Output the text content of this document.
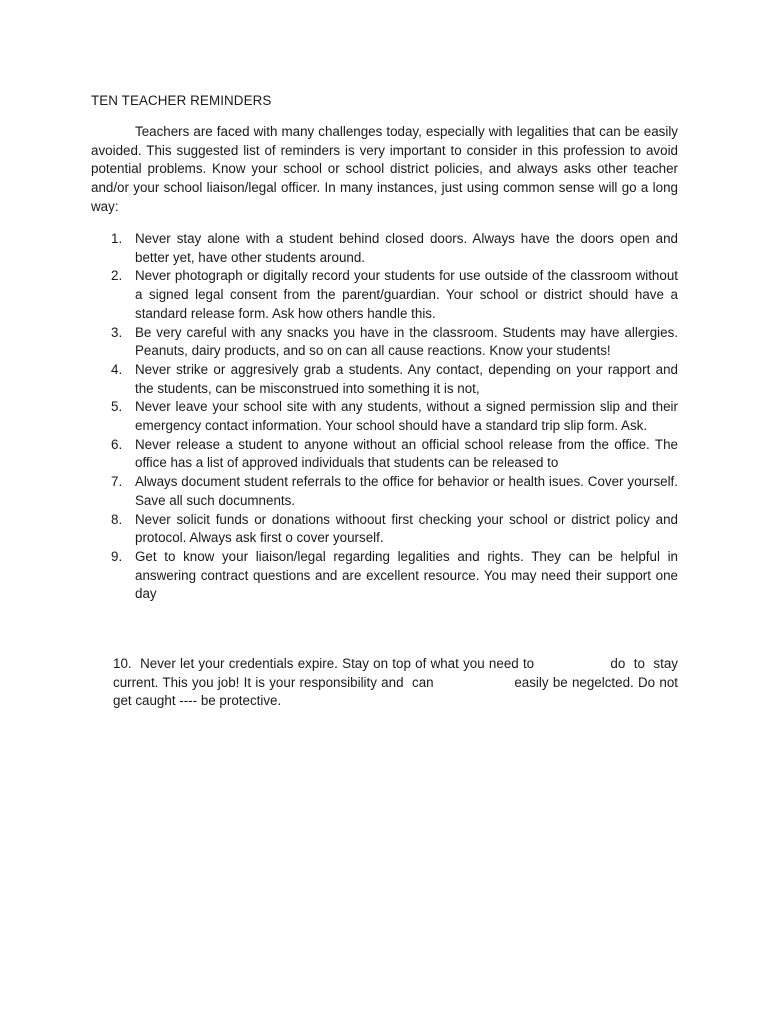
TEN TEACHER REMINDERS

Teachers are faced with many challenges today, especially with legalities that can be easily avoided. This suggested list of reminders is very important to consider in this profession to avoid potential problems. Know your school or school district policies, and always asks other teacher and/or your school liaison/legal officer. In many instances, just using common sense will go a long way:

1. Never stay alone with a student behind closed doors. Always have the doors open and better yet, have other students around.
2. Never photograph or digitally record your students for use outside of the classroom without a signed legal consent from the parent/guardian. Your school or district should have a standard release form. Ask how others handle this.
3. Be very careful with any snacks you have in the classroom. Students may have allergies. Peanuts, dairy products, and so on can all cause reactions. Know your students!
4. Never strike or aggresively grab a students. Any contact, depending on your rapport and the students, can be misconstrued into something it is not,
5. Never leave your school site with any students, without a signed permission slip and their emergency contact information. Your school should have a standard trip slip form. Ask.
6. Never release a student to anyone without an official school release from the office. The office has a list of approved individuals that students can be released to
7. Always document student referrals to the office for behavior or health isues. Cover yourself. Save all such documnents.
8. Never solicit funds or donations withoout first checking your school or district policy and protocol. Always ask first o cover yourself.
9. Get to know your liaison/legal regarding legalities and rights. They can be helpful in answering contract questions and are excellent resource. You may need their support one day

10.  Never let your credentials expire. Stay on top of what you need to                  do  to  stay current. This you job! It is your responsibility and  can                   easily be negelcted. Do not get caught ---- be protective.
